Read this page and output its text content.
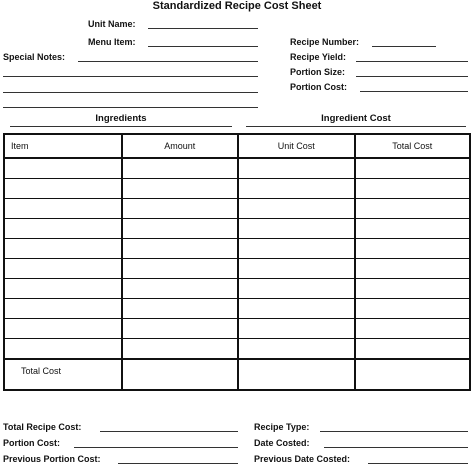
Standardized Recipe Cost Sheet
Unit Name:
Menu Item:
Special Notes:
Recipe Number:
Recipe Yield:
Portion Size:
Portion Cost:
Ingredients	Ingredient Cost
Item	Amount	Unit Cost	Total Cost

Total Cost			
Total Recipe Cost:
Portion Cost:
Previous Portion Cost:
Recipe Type:
Date Costed:
Previous Date Costed:
